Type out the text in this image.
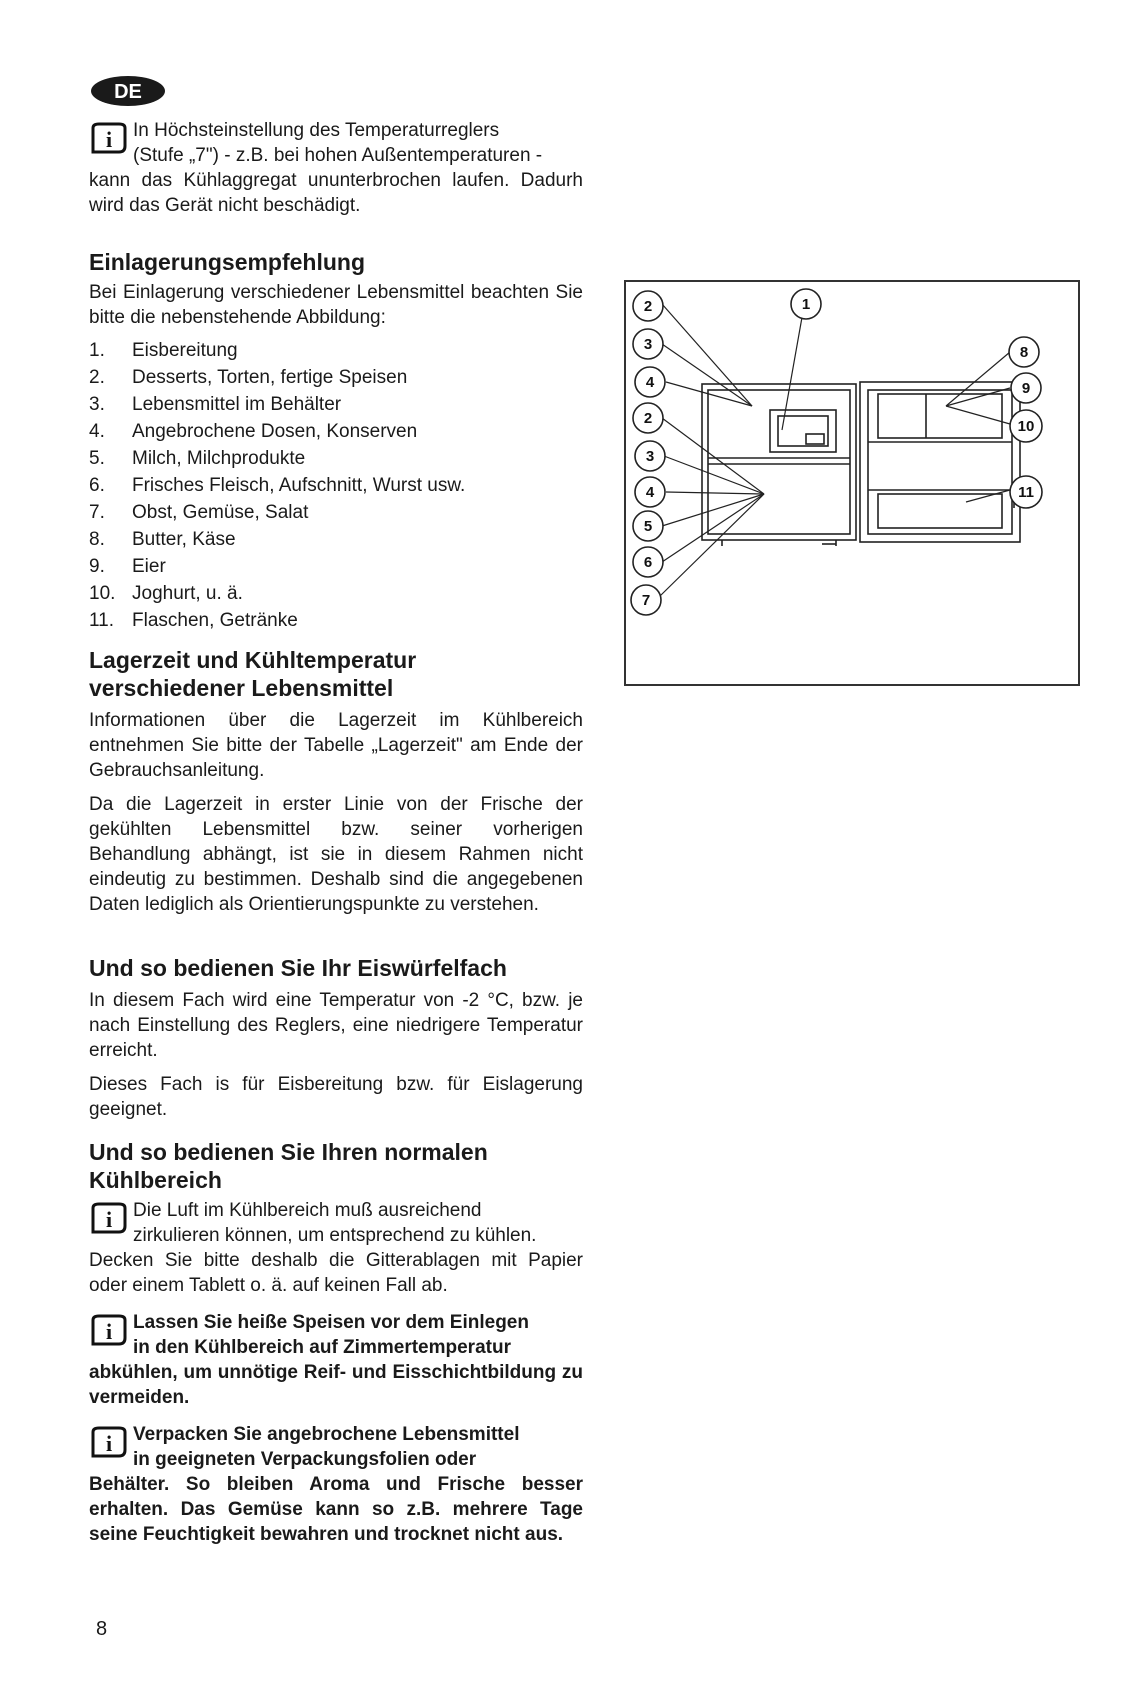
DE
i	In Höchsteinstellung des Temperaturreglers

(Stufe „7") - z.B. bei hohen Außentemperaturen -

kann das Kühlaggregat ununterbrochen laufen. Dadurh wird das Gerät nicht beschädigt.

Einlagerungsempfehlung

Bei Einlagerung verschiedener Lebensmittel beachten Sie bitte die nebenstehende Abbildung:

1.	Eisbereitung
2.	Desserts, Torten, fertige Speisen
3.	Lebensmittel im Behälter
4.	Angebrochene Dosen, Konserven
5.	Milch, Milchprodukte
6.	Frisches Fleisch, Aufschnitt, Wurst usw.
7.	Obst, Gemüse, Salat
8.	Butter, Käse
9.	Eier
10. Joghurt, u. ä.
11. Flaschen, Getränke
Lagerzeit und Kühltemperatur
verschiedener Lebensmittel

Informationen über die Lagerzeit im Kühlbereich entnehmen Sie bitte der Tabelle „Lagerzeit" am Ende der Gebrauchsanleitung.

Da die Lagerzeit in erster Linie von der Frische der gekühlten Lebensmittel bzw. seiner vorherigen Behandlung abhängt, ist sie in diesem Rahmen nicht eindeutig zu bestimmen. Deshalb sind die angegebenen Daten lediglich als Orientierungspunkte zu verstehen.

Und so bedienen Sie Ihr Eiswürfelfach

In diesem Fach wird eine Temperatur von -2 °C, bzw. je nach Einstellung des Reglers, eine niedrigere Temperatur erreicht.

Dieses Fach is für Eisbereitung bzw. für Eislagerung geeignet.

Und so bedienen Sie Ihren normalen
Kühlbereich
i	Die Luft im Kühlbereich muß ausreichend

zirkulieren können, um entsprechend zu kühlen.

Decken Sie bitte deshalb die Gitterablagen mit Papier oder einem Tablett o. ä. auf keinen Fall ab.

i	Lassen Sie heiße Speisen vor dem Einlegen

in den Kühlbereich auf Zimmertemperatur

abkühlen, um unnötige Reif- und Eisschichtbildung zu vermeiden.

i	Verpacken Sie angebrochene Lebensmittel

in geeigneten Verpackungsfolien oder

Behälter. So bleiben Aroma und Frische besser erhalten. Das Gemüse kann so z.B. mehrere Tage seine Feuchtigkeit bewahren und trocknet nicht aus.

2
3
4
2
3
4
5
6
7
1
8
9
10
11
8
